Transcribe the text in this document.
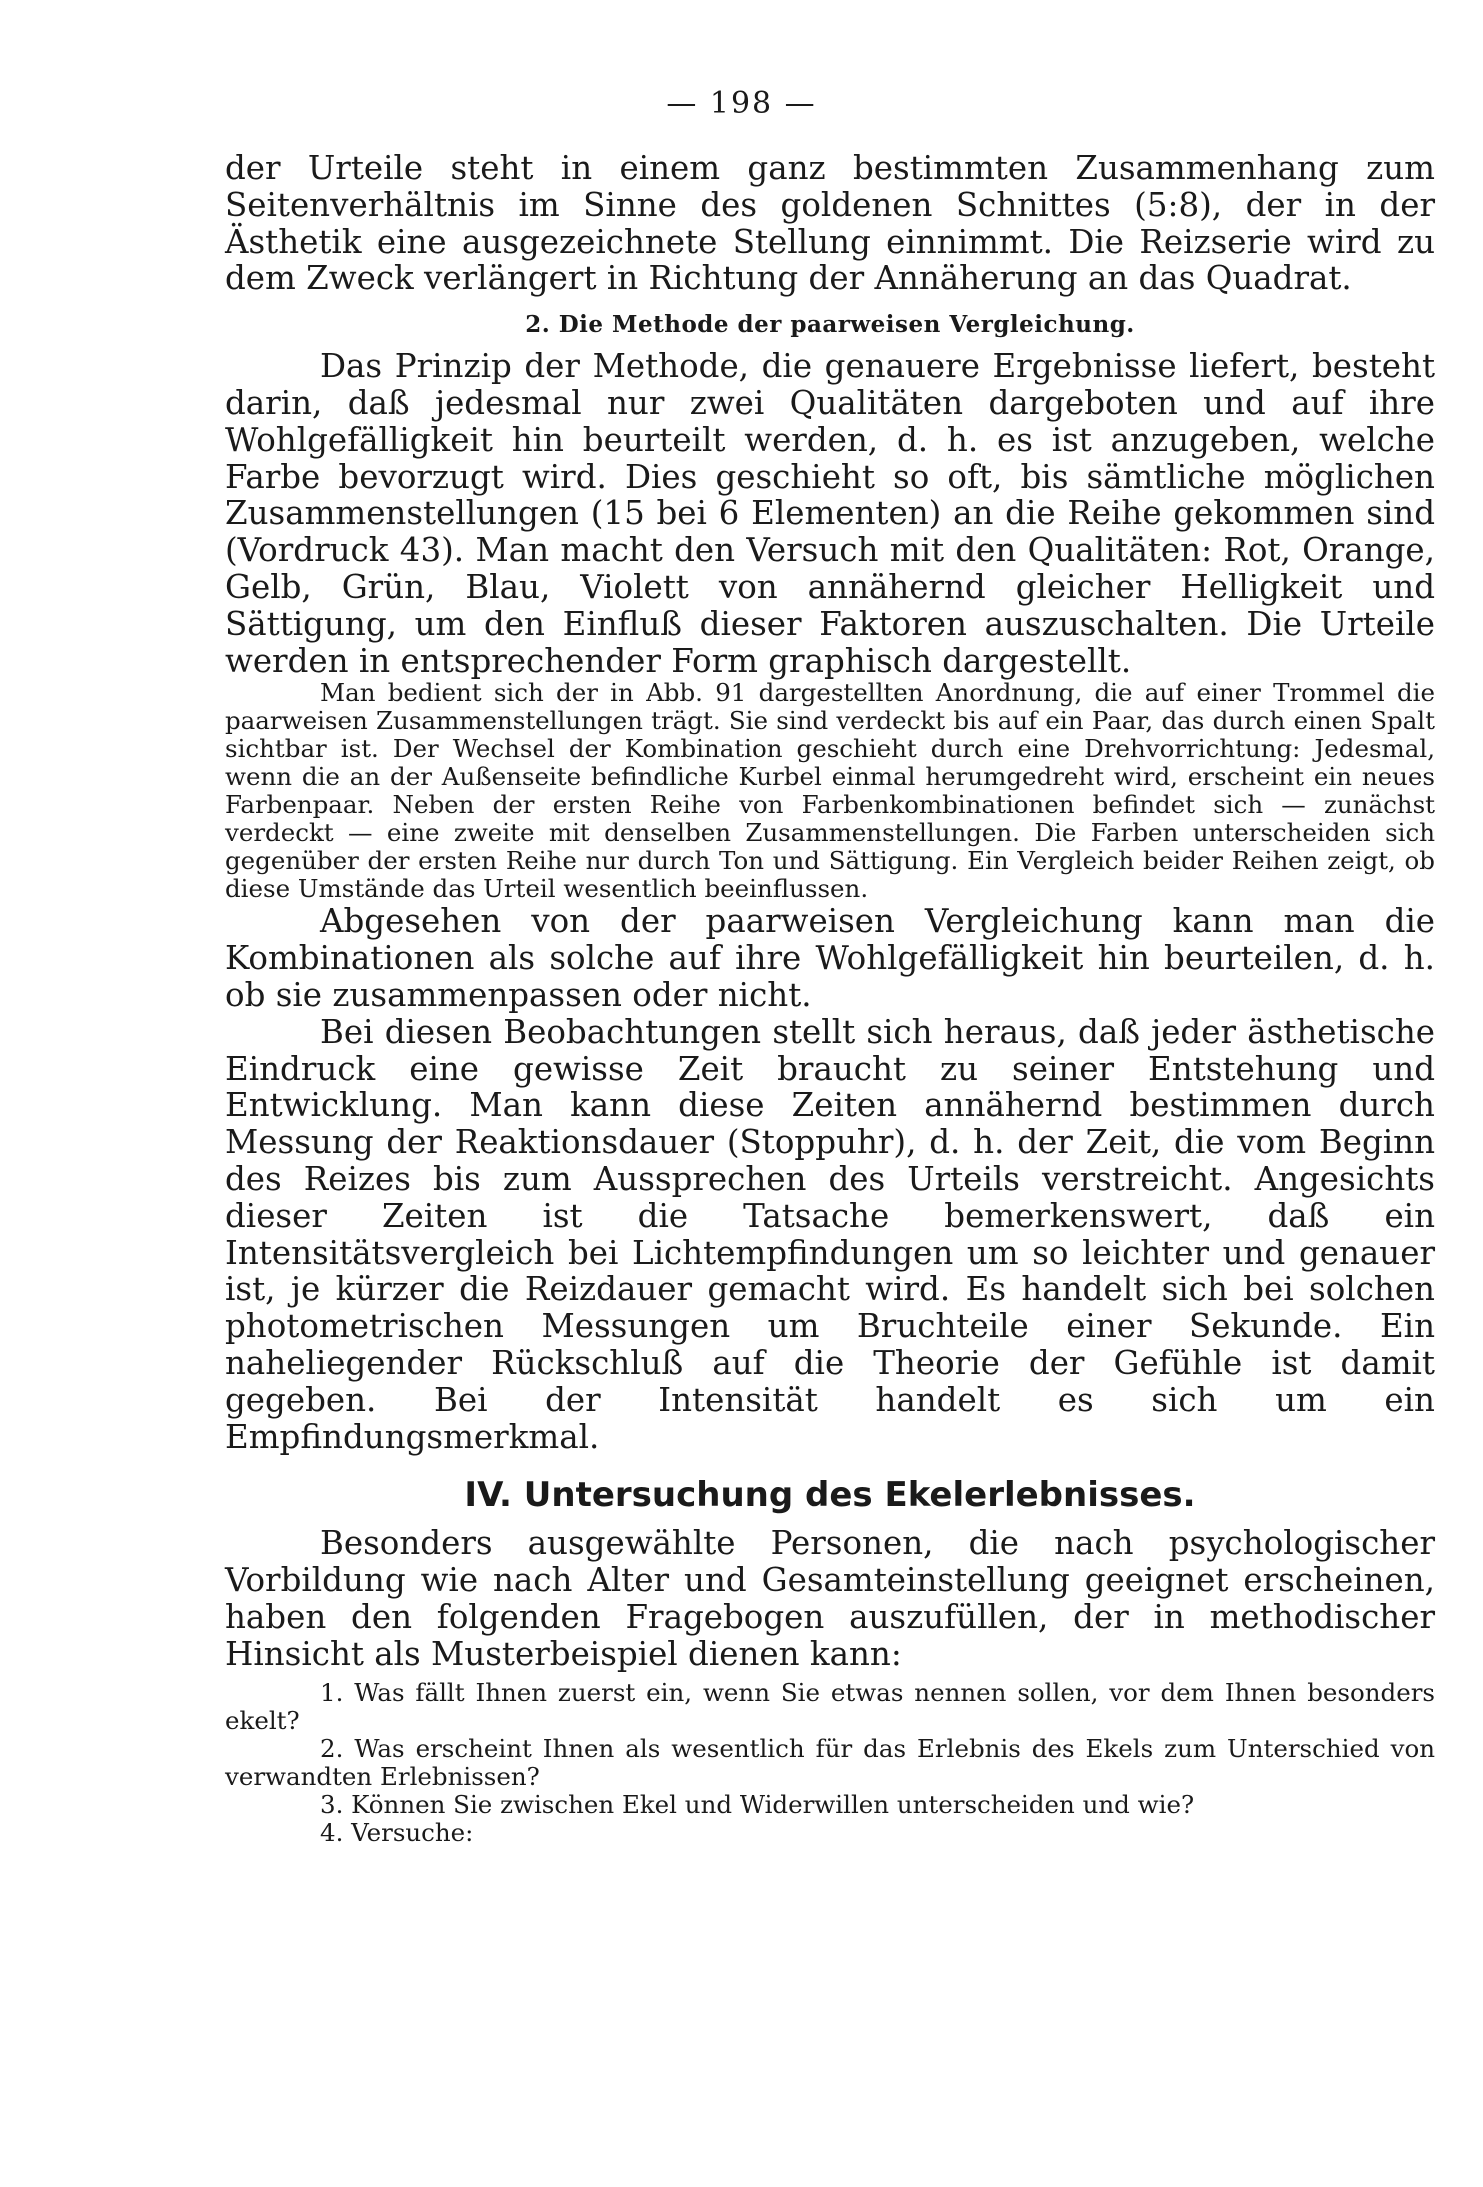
— 198 —

der Urteile steht in einem ganz bestimmten Zusammenhang zum Seitenverhältnis im Sinne des goldenen Schnittes (5:8), der in der Ästhetik eine ausgezeichnete Stellung einnimmt. Die Reizserie wird zu dem Zweck verlängert in Richtung der Annäherung an das Quadrat.

2. Die Methode der paarweisen Vergleichung.

Das Prinzip der Methode, die genauere Ergebnisse liefert, besteht darin, daß jedesmal nur zwei Qualitäten dargeboten und auf ihre Wohlgefälligkeit hin beurteilt werden, d. h. es ist anzugeben, welche Farbe bevorzugt wird. Dies geschieht so oft, bis sämtliche möglichen Zusammenstellungen (15 bei 6 Elementen) an die Reihe gekommen sind (Vordruck 43). Man macht den Versuch mit den Qualitäten: Rot, Orange, Gelb, Grün, Blau, Violett von annähernd gleicher Helligkeit und Sättigung, um den Einfluß dieser Faktoren auszuschalten. Die Urteile werden in entsprechender Form graphisch dargestellt.

Man bedient sich der in Abb. 91 dargestellten Anordnung, die auf einer Trommel die paarweisen Zusammenstellungen trägt. Sie sind verdeckt bis auf ein Paar, das durch einen Spalt sichtbar ist. Der Wechsel der Kombination geschieht durch eine Drehvorrichtung: Jedesmal, wenn die an der Außenseite befindliche Kurbel einmal herumgedreht wird, erscheint ein neues Farbenpaar. Neben der ersten Reihe von Farbenkombinationen befindet sich — zunächst verdeckt — eine zweite mit denselben Zusammenstellungen. Die Farben unterscheiden sich gegenüber der ersten Reihe nur durch Ton und Sättigung. Ein Vergleich beider Reihen zeigt, ob diese Umstände das Urteil wesentlich beeinflussen.

Abgesehen von der paarweisen Vergleichung kann man die Kombinationen als solche auf ihre Wohlgefälligkeit hin beurteilen, d. h. ob sie zusammenpassen oder nicht.

Bei diesen Beobachtungen stellt sich heraus, daß jeder ästhetische Eindruck eine gewisse Zeit braucht zu seiner Entstehung und Entwicklung. Man kann diese Zeiten annähernd bestimmen durch Messung der Reaktionsdauer (Stoppuhr), d. h. der Zeit, die vom Beginn des Reizes bis zum Aussprechen des Urteils verstreicht. Angesichts dieser Zeiten ist die Tatsache bemerkenswert, daß ein Intensitätsvergleich bei Lichtempfindungen um so leichter und genauer ist, je kürzer die Reizdauer gemacht wird. Es handelt sich bei solchen photometrischen Messungen um Bruchteile einer Sekunde. Ein naheliegender Rückschluß auf die Theorie der Gefühle ist damit gegeben. Bei der Intensität handelt es sich um ein Empfindungsmerkmal.

IV. Untersuchung des Ekelerlebnisses.

Besonders ausgewählte Personen, die nach psychologischer Vorbildung wie nach Alter und Gesamteinstellung geeignet erscheinen, haben den folgenden Fragebogen auszufüllen, der in methodischer Hinsicht als Musterbeispiel dienen kann:

1. Was fällt Ihnen zuerst ein, wenn Sie etwas nennen sollen, vor dem Ihnen besonders ekelt?

2. Was erscheint Ihnen als wesentlich für das Erlebnis des Ekels zum Unterschied von verwandten Erlebnissen?

3. Können Sie zwischen Ekel und Widerwillen unterscheiden und wie?

4. Versuche:
